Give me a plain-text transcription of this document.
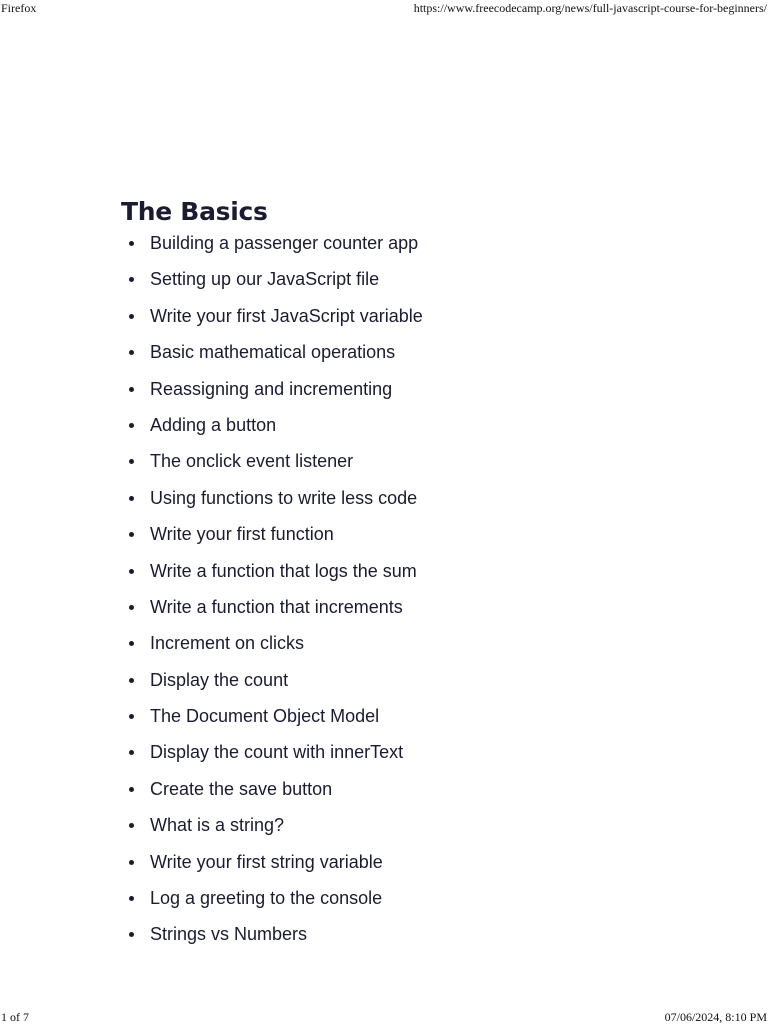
Firefox	https://www.freecodecamp.org/news/full-javascript-course-for-beginners/
The Basics
Building a passenger counter app
Setting up our JavaScript file
Write your first JavaScript variable
Basic mathematical operations
Reassigning and incrementing
Adding a button
The onclick event listener
Using functions to write less code
Write your first function
Write a function that logs the sum
Write a function that increments
Increment on clicks
Display the count
The Document Object Model
Display the count with innerText
Create the save button
What is a string?
Write your first string variable
Log a greeting to the console
Strings vs Numbers
1 of 7	07/06/2024, 8:10 PM
